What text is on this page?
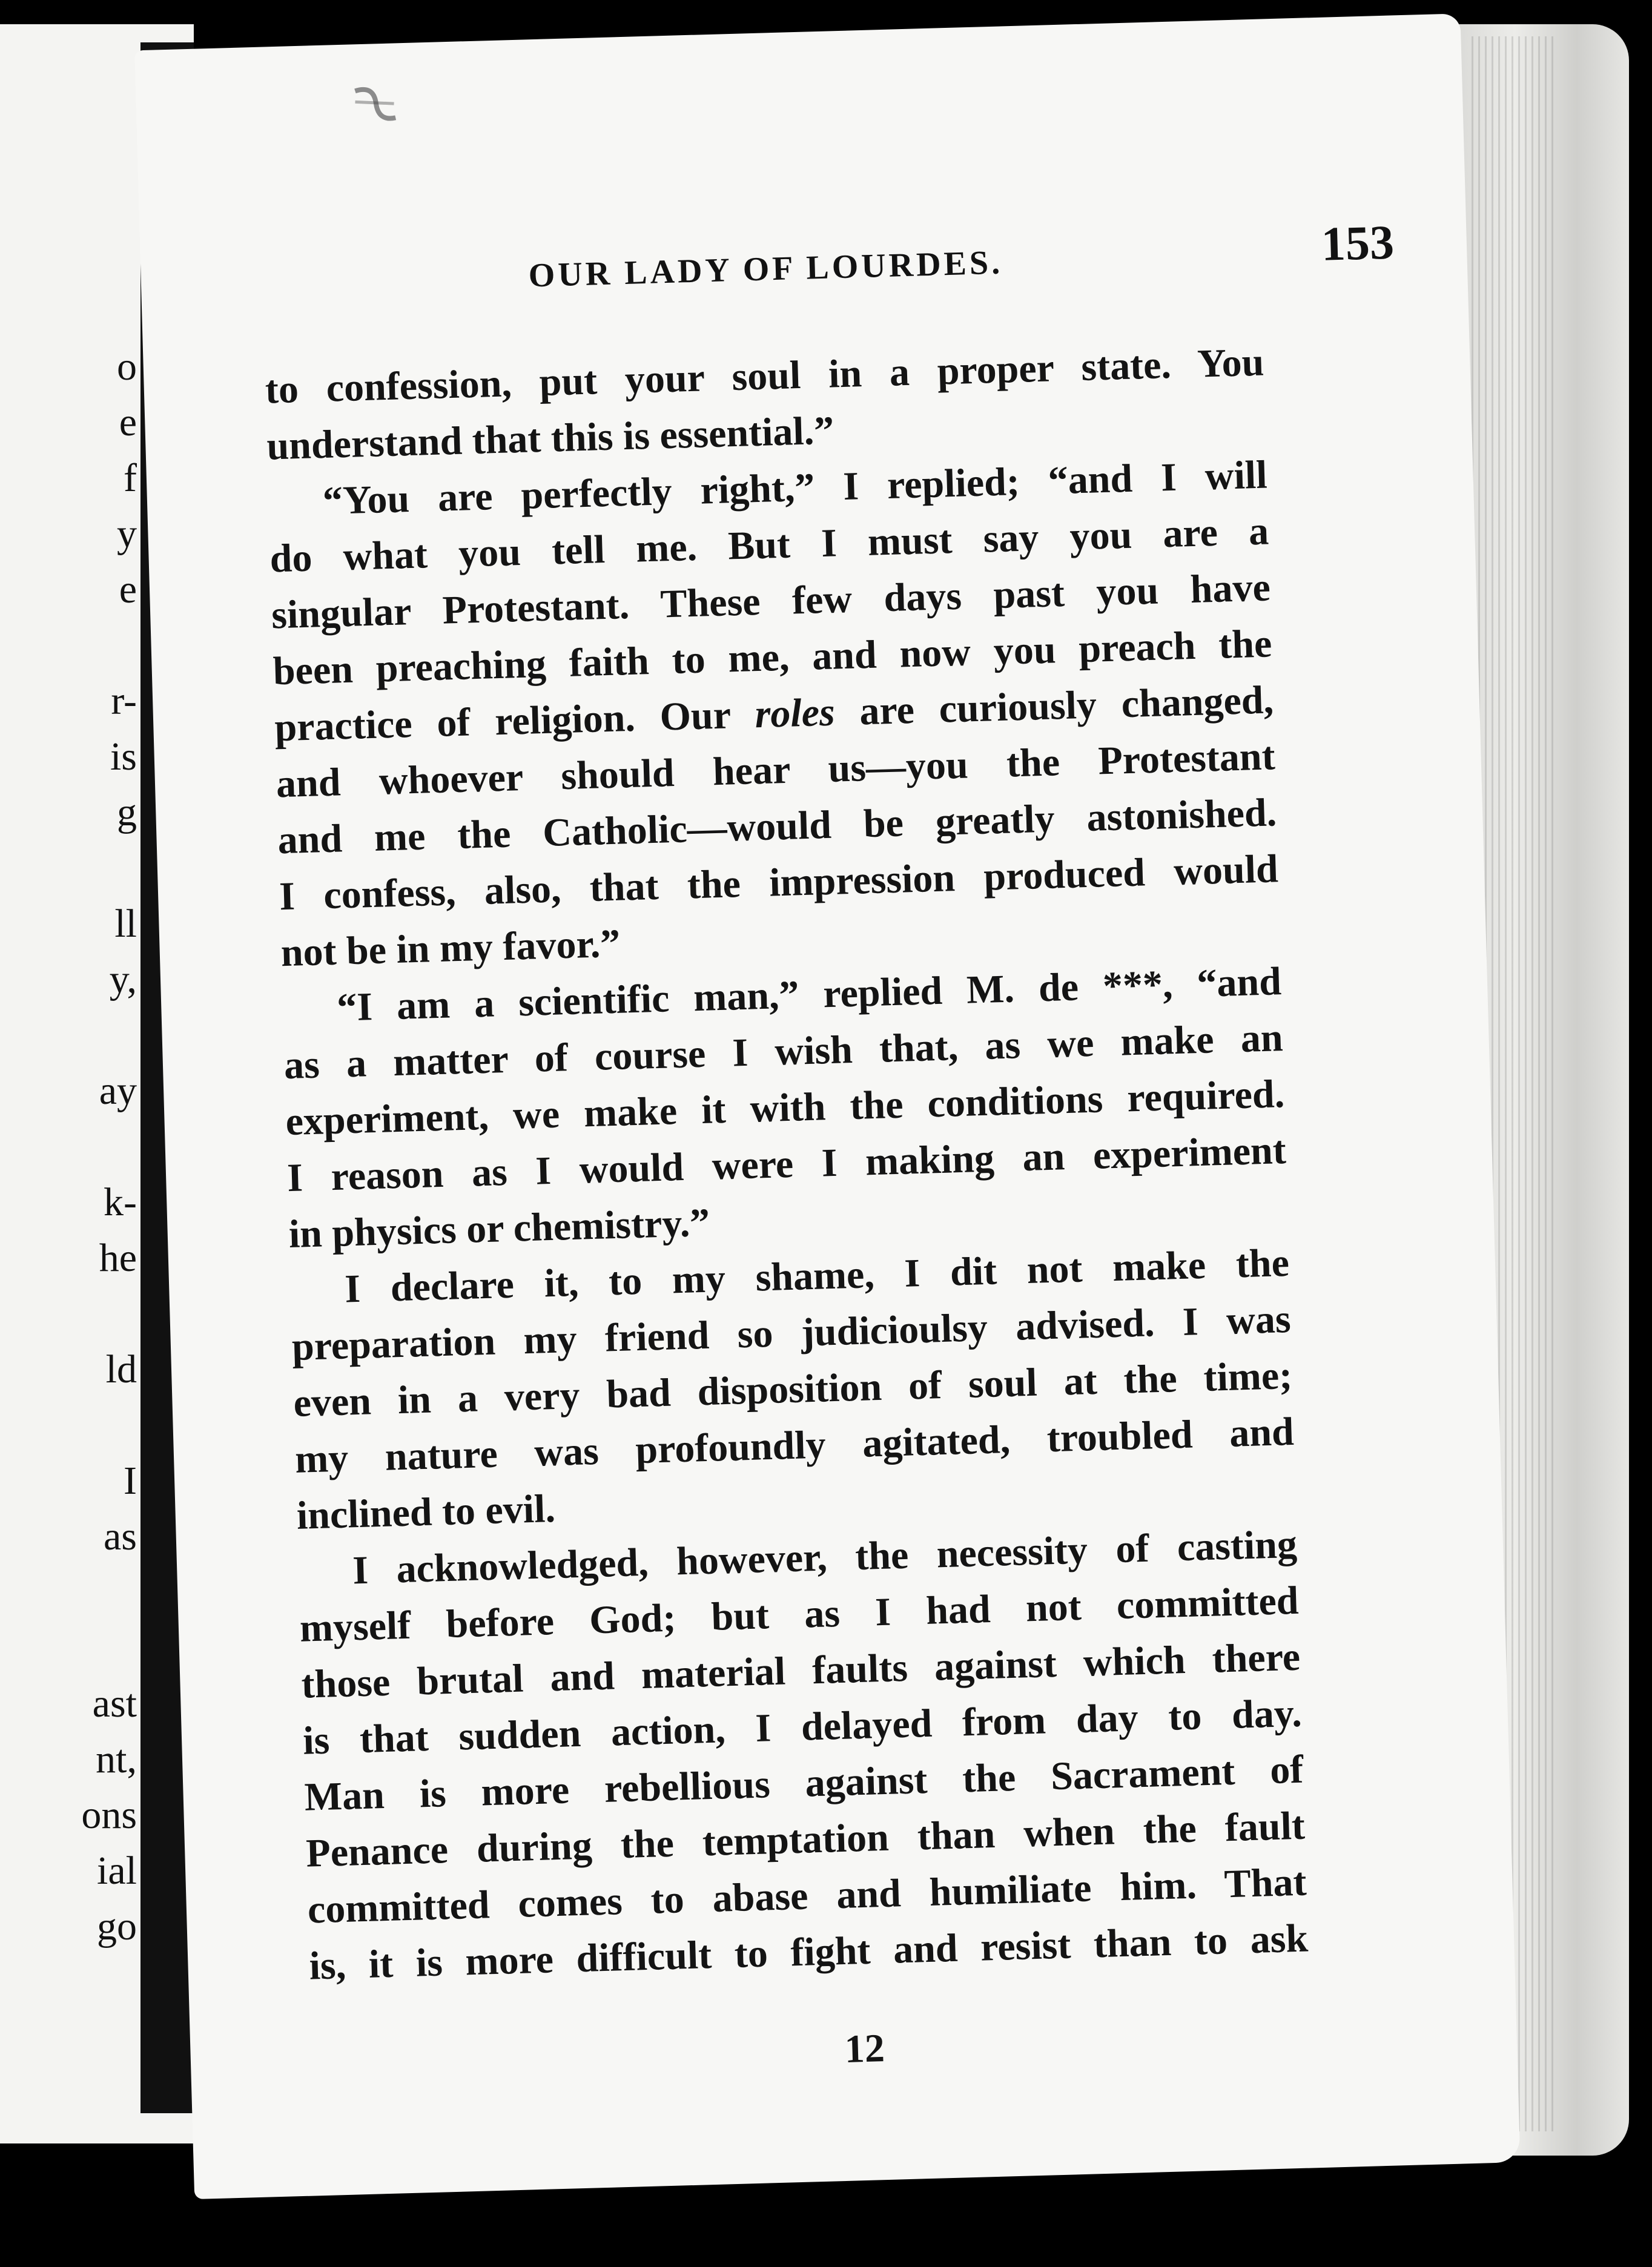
o
e
f
y
e
r-
is
g
ll
y,
ay
k-
he
ld
I
as
ast
nt,
ons
ial
go
OUR LADY OF LOURDES.	153
to confession, put your soul in a proper state. You
understand that this is essential.”
“You are perfectly right,” I replied; “and I will
do what you tell me. But I must say you are a
singular Protestant. These few days past you have
been preaching faith to me, and now you preach the
practice of religion. Our roles are curiously changed,
and whoever should hear us—you the Protestant
and me the Catholic—would be greatly astonished.
I confess, also, that the impression produced would
not be in my favor.”
“I am a scientific man,” replied M. de ***, “and
as a matter of course I wish that, as we make an
experiment, we make it with the conditions required.
I reason as I would were I making an experiment
in physics or chemistry.”
I declare it, to my shame, I dit not make the
preparation my friend so judicioulsy advised. I was
even in a very bad disposition of soul at the time;
my nature was profoundly agitated, troubled and
inclined to evil.
I acknowledged, however, the necessity of casting
myself before God; but as I had not committed
those brutal and material faults against which there
is that sudden action, I delayed from day to day.
Man is more rebellious against the Sacrament of
Penance during the temptation than when the fault
committed comes to abase and humiliate him. That
is, it is more difficult to fight and resist than to ask
12
